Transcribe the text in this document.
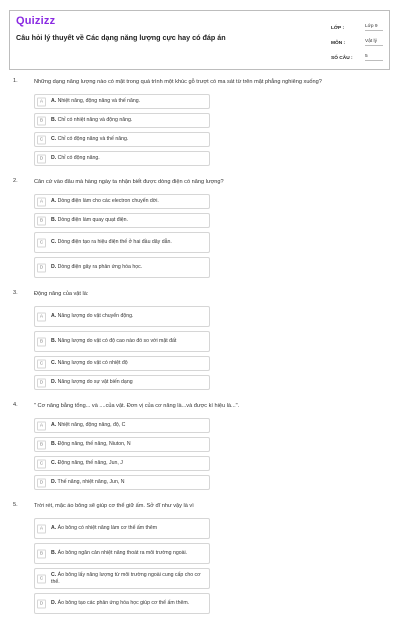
Quizizz
Câu hỏi lý thuyết về Các dạng năng lượng cực hay có đáp án
LỚP :	Lớp 9
MÔN :	Vật lý
SỐ CÂU :	5
1.	Những dạng năng lượng nào có mặt trong quá trình một khúc gỗ trượt có ma sát từ trên mặt phẳng nghiêng xuống?
A	A. Nhiệt năng, động năng và thế năng.
B	B. Chỉ có nhiệt năng và động năng.
C	C. Chỉ có động năng và thế năng.
D	D. Chỉ có động năng.
2.	Căn cứ vào đâu mà hàng ngày ta nhận biết được dòng điện có năng lượng?
A	A. Dòng điện làm cho các electron chuyển dời.
B	B. Dòng điện làm quay quạt điện.
C	C. Dòng điện tạo ra hiệu điện thế ở hai đầu dây dẫn.
D	D. Dòng điện gây ra phản ứng hóa học.
3.	Động năng của vật là:
A	A. Năng lượng do vật chuyển động.
B	B. Năng lượng do vật có độ cao nào đó so với mặt đất
C	C. Năng lượng do vật có nhiệt độ
D	D. Năng lượng do sự vật biến dạng
4.	" Cơ năng bằng tổng... và ....của vật. Đơn vị của cơ năng là...và được kí hiệu là...".
A	A. Nhiệt năng, động năng, độ, C
B	B. Động năng, thế năng, Niuton, N
C	C. Động năng, thế năng, Jun, J
D	D. Thế năng, nhiệt năng, Jun, N
5.	Trời rét, mặc áo bông sẽ giúp cơ thể giữ ấm. Sở dĩ như vậy là vì
A	A. Áo bông có nhiệt năng làm cơ thể ấm thêm
B	B. Áo bông ngăn cản nhiệt năng thoát ra môi trường ngoài.
C
C. Áo bông lấy năng lượng từ môi trường ngoài cung cấp cho cơ thể.
D	D. Áo bông tạo các phản ứng hóa học giúp cơ thể ấm thêm.
